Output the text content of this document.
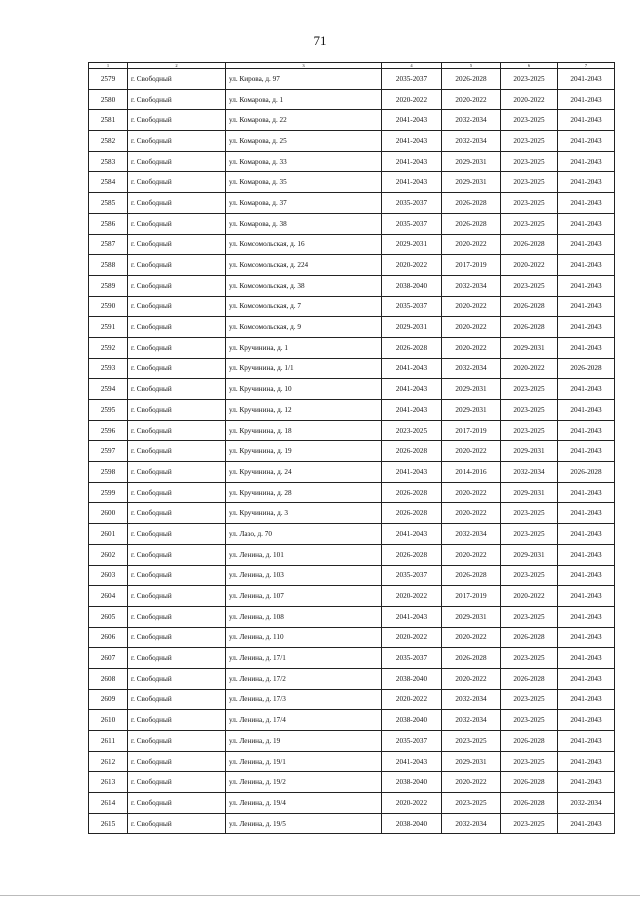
71
1	2	3	4	5	6	7
2579	г. Свободный	ул. Кирова, д. 97	2035-2037	2026-2028	2023-2025	2041-2043
2580	г. Свободный	ул. Комарова, д. 1	2020-2022	2020-2022	2020-2022	2041-2043
2581	г. Свободный	ул. Комарова, д. 22	2041-2043	2032-2034	2023-2025	2041-2043
2582	г. Свободный	ул. Комарова, д. 25	2041-2043	2032-2034	2023-2025	2041-2043
2583	г. Свободный	ул. Комарова, д. 33	2041-2043	2029-2031	2023-2025	2041-2043
2584	г. Свободный	ул. Комарова, д. 35	2041-2043	2029-2031	2023-2025	2041-2043
2585	г. Свободный	ул. Комарова, д. 37	2035-2037	2026-2028	2023-2025	2041-2043
2586	г. Свободный	ул. Комарова, д. 38	2035-2037	2026-2028	2023-2025	2041-2043
2587	г. Свободный	ул. Комсомольская, д. 16	2029-2031	2020-2022	2026-2028	2041-2043
2588	г. Свободный	ул. Комсомольская, д. 224	2020-2022	2017-2019	2020-2022	2041-2043
2589	г. Свободный	ул. Комсомольская, д. 38	2038-2040	2032-2034	2023-2025	2041-2043
2590	г. Свободный	ул. Комсомольская, д. 7	2035-2037	2020-2022	2026-2028	2041-2043
2591	г. Свободный	ул. Комсомольская, д. 9	2029-2031	2020-2022	2026-2028	2041-2043
2592	г. Свободный	ул. Кручинина, д. 1	2026-2028	2020-2022	2029-2031	2041-2043
2593	г. Свободный	ул. Кручинина, д. 1/1	2041-2043	2032-2034	2020-2022	2026-2028
2594	г. Свободный	ул. Кручинина, д. 10	2041-2043	2029-2031	2023-2025	2041-2043
2595	г. Свободный	ул. Кручинина, д. 12	2041-2043	2029-2031	2023-2025	2041-2043
2596	г. Свободный	ул. Кручинина, д. 18	2023-2025	2017-2019	2023-2025	2041-2043
2597	г. Свободный	ул. Кручинина, д. 19	2026-2028	2020-2022	2029-2031	2041-2043
2598	г. Свободный	ул. Кручинина, д. 24	2041-2043	2014-2016	2032-2034	2026-2028
2599	г. Свободный	ул. Кручинина, д. 28	2026-2028	2020-2022	2029-2031	2041-2043
2600	г. Свободный	ул. Кручинина, д. 3	2026-2028	2020-2022	2023-2025	2041-2043
2601	г. Свободный	ул. Лазо, д. 70	2041-2043	2032-2034	2023-2025	2041-2043
2602	г. Свободный	ул. Ленина, д. 101	2026-2028	2020-2022	2029-2031	2041-2043
2603	г. Свободный	ул. Ленина, д. 103	2035-2037	2026-2028	2023-2025	2041-2043
2604	г. Свободный	ул. Ленина, д. 107	2020-2022	2017-2019	2020-2022	2041-2043
2605	г. Свободный	ул. Ленина, д. 108	2041-2043	2029-2031	2023-2025	2041-2043
2606	г. Свободный	ул. Ленина, д. 110	2020-2022	2020-2022	2026-2028	2041-2043
2607	г. Свободный	ул. Ленина, д. 17/1	2035-2037	2026-2028	2023-2025	2041-2043
2608	г. Свободный	ул. Ленина, д. 17/2	2038-2040	2020-2022	2026-2028	2041-2043
2609	г. Свободный	ул. Ленина, д. 17/3	2020-2022	2032-2034	2023-2025	2041-2043
2610	г. Свободный	ул. Ленина, д. 17/4	2038-2040	2032-2034	2023-2025	2041-2043
2611	г. Свободный	ул. Ленина, д. 19	2035-2037	2023-2025	2026-2028	2041-2043
2612	г. Свободный	ул. Ленина, д. 19/1	2041-2043	2029-2031	2023-2025	2041-2043
2613	г. Свободный	ул. Ленина, д. 19/2	2038-2040	2020-2022	2026-2028	2041-2043
2614	г. Свободный	ул. Ленина, д. 19/4	2020-2022	2023-2025	2026-2028	2032-2034
2615	г. Свободный	ул. Ленина, д. 19/5	2038-2040	2032-2034	2023-2025	2041-2043
